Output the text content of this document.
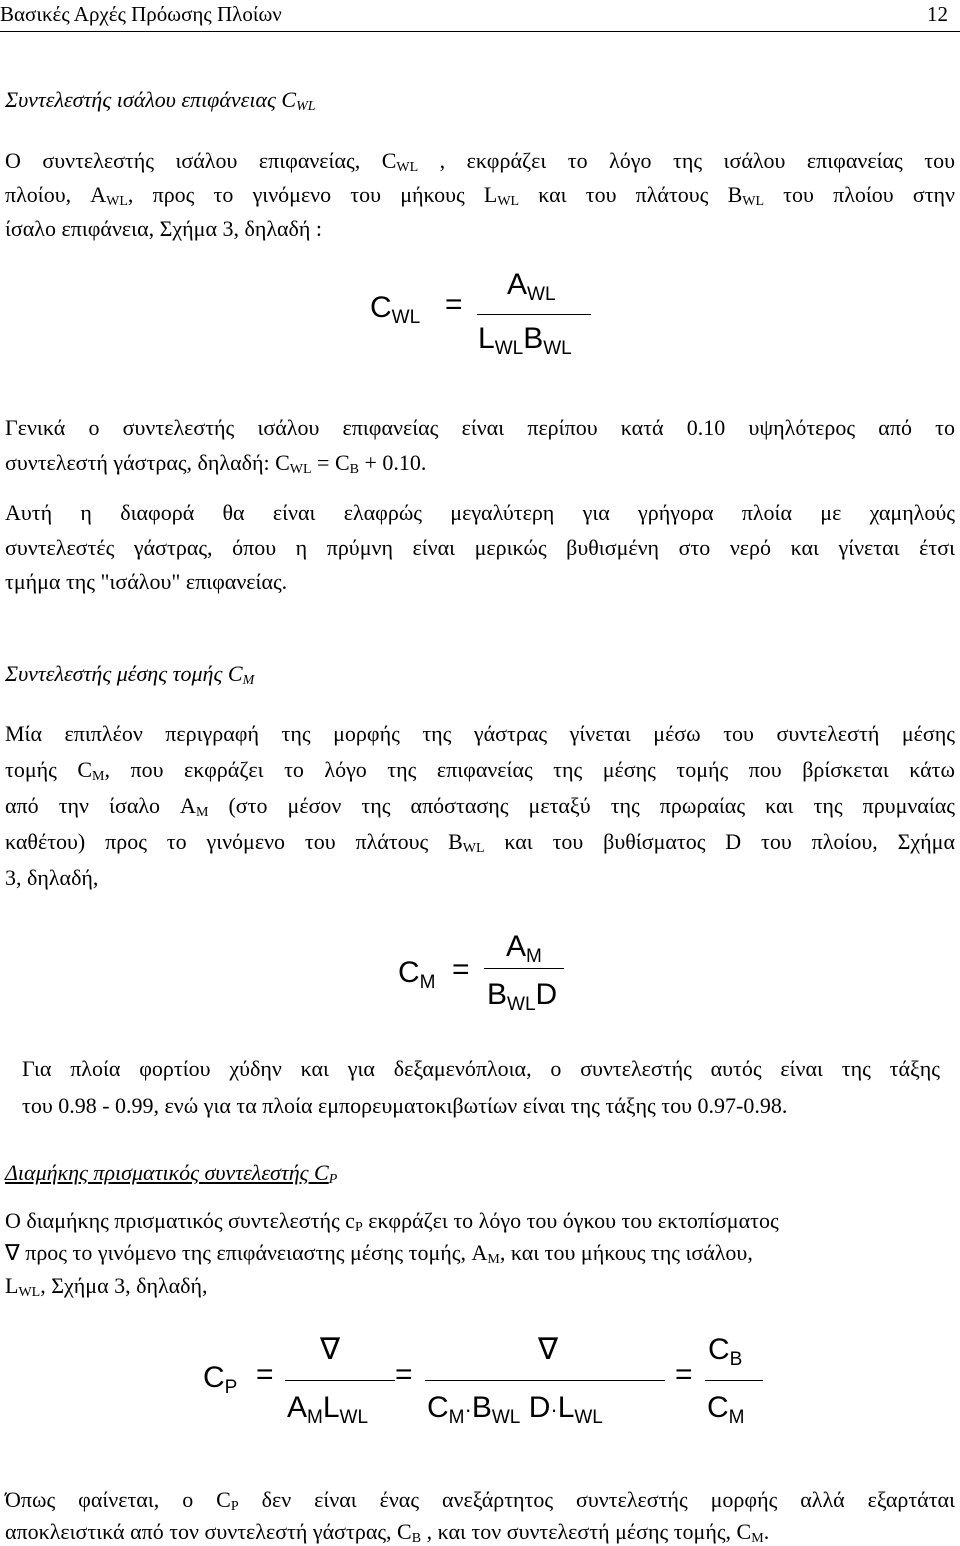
Βασικές Αρχές Πρόωσης Πλοίων	12
Συντελεστής ισάλου επιφάνειας $C_{WL}$
Ο συντελεστής ισάλου επιφανείας, $C_{WL}$ , εκφράζει το λόγο της ισάλου επιφανείας του
πλοίου, $A_{WL}$, προς το γινόμενο του μήκους $L_{WL}$ και του πλάτους $B_{WL}$ του πλοίου στην
ίσαλο επιφάνεια, Σχήμα 3, δηλαδή :
$C_{WL}$ =
$A_{WL}$
$L_{WL}B_{WL}$
Γενικά ο συντελεστής ισάλου επιφανείας είναι περίπου κατά 0.10 υψηλότερος από το
συντελεστή γάστρας, δηλαδή: $C_{WL} = C_B + 0.10$.
Αυτή η διαφορά θα είναι ελαφρώς μεγαλύτερη για γρήγορα πλοία με χαμηλούς
συντελεστές γάστρας, όπου η πρύμνη είναι μερικώς βυθισμένη στο νερό και γίνεται έτσι
τμήμα της "ισάλου" επιφανείας.
Συντελεστής μέσης τομής $C_M$
Μία επιπλέον περιγραφή της μορφής της γάστρας γίνεται μέσω του συντελεστή μέσης
τομής $C_M$, που εκφράζει το λόγο της επιφανείας της μέσης τομής που βρίσκεται κάτω
από την ίσαλο $A_M$ (στο μέσον της απόστασης μεταξύ της πρωραίας και της πρυμναίας
καθέτου) προς το γινόμενο του πλάτους $B_{WL}$ και του βυθίσματος D του πλοίου, Σχήμα
3, δηλαδή,
$C_M$ =
$A_M$
$B_{WL}D$
Για πλοία φορτίου χύδην και για δεξαμενόπλοια, ο συντελεστής αυτός είναι της τάξης
του 0.98 - 0.99, ενώ για τα πλοία εμπορευματοκιβωτίων είναι της τάξης του 0.97-0.98.
Διαμήκης πρισματικός συντελεστής $C_P$
Ο διαμήκης πρισματικός συντελεστής $c_P$ εκφράζει το λόγο του όγκου του εκτοπίσματος
∇ προς το γινόμενο της επιφάνειαστης μέσης τομής, $A_M$, και του μήκους της ισάλου,
$L_{WL}$, Σχήμα 3, δηλαδή,
$C_P$ =
∇
$A_ML_{WL}$
=
∇
$C_M\cdot B_{WL}$ $D\cdot L_{WL}$
=
$C_B$
$C_M$
Όπως φαίνεται, ο $C_P$ δεν είναι ένας ανεξάρτητος συντελεστής μορφής αλλά εξαρτάται
αποκλειστικά από τον συντελεστή γάστρας, $C_B$ , και τον συντελεστή μέσης τομής, $C_M$.
